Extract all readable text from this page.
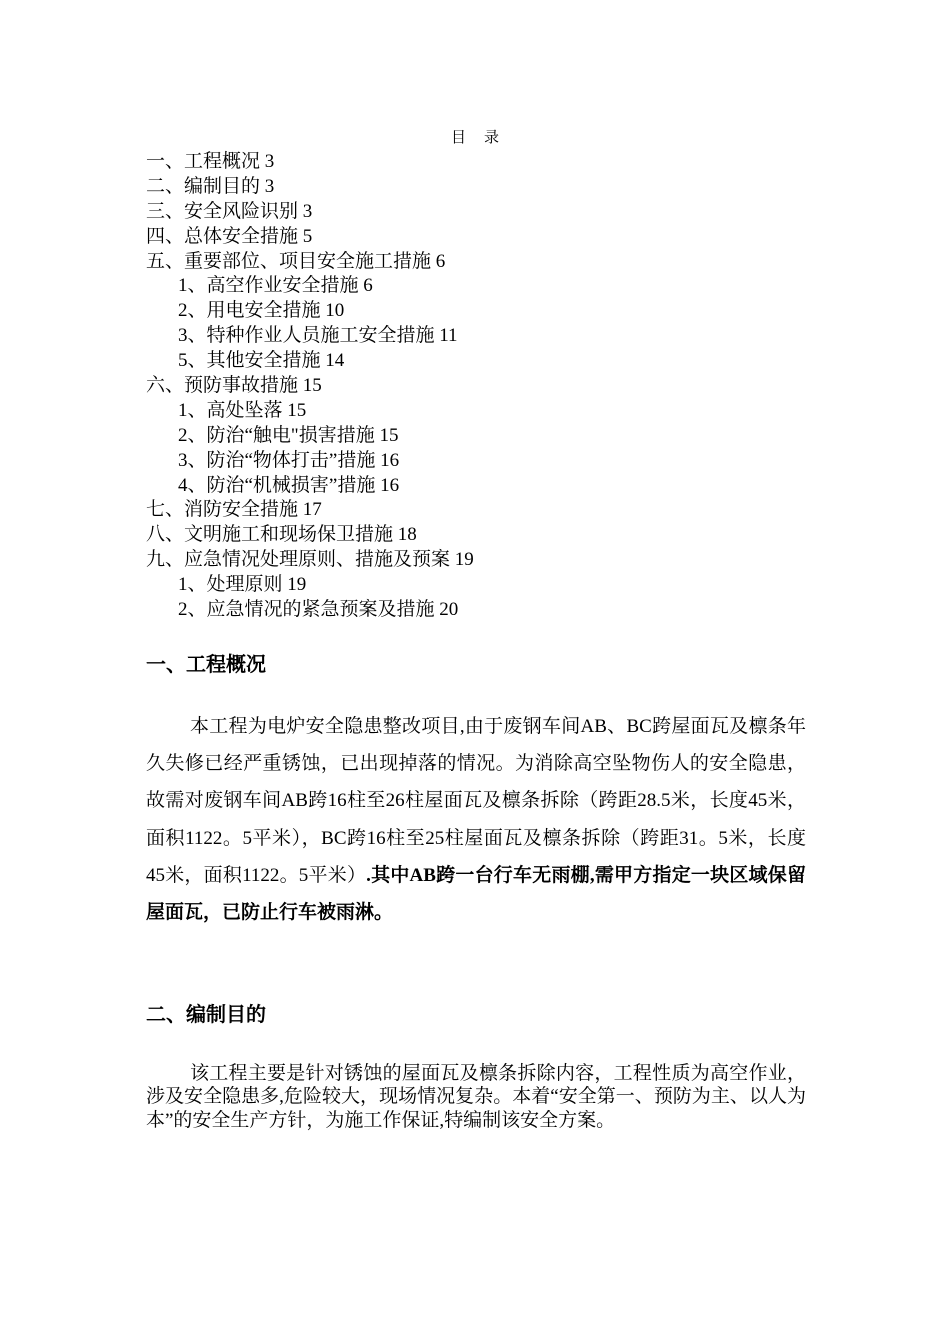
目录
一、工程概况 3
二、编制目的 3
三、安全风险识别 3
四、总体安全措施 5
五、重要部位、项目安全施工措施 6
1、高空作业安全措施 6
2、用电安全措施 10
3、特种作业人员施工安全措施 11
5、其他安全措施 14
六、预防事故措施 15
1、高处坠落 15
2、防治“触电"损害措施 15
3、防治“物体打击”措施 16
4、防治“机械损害”措施 16
七、消防安全措施 17
八、文明施工和现场保卫措施 18
九、应急情况处理原则、措施及预案 19
1、处理原则 19
2、应急情况的紧急预案及措施 20
一、工程概况

本工程为电炉安全隐患整改项目,由于废钢车间AB、BC跨屋面瓦及檩条年久失修已经严重锈蚀，已出现掉落的情况。为消除高空坠物伤人的安全隐患，故需对废钢车间AB跨16柱至26柱屋面瓦及檩条拆除（跨距28.5米，长度45米，面积1122。5平米），BC跨16柱至25柱屋面瓦及檩条拆除（跨距31。5米，长度45米，面积1122。5平米）.其中AB跨一台行车无雨棚,需甲方指定一块区域保留屋面瓦，已防止行车被雨淋。

二、编制目的

该工程主要是针对锈蚀的屋面瓦及檩条拆除内容，工程性质为高空作业，涉及安全隐患多,危险较大，现场情况复杂。本着“安全第一、预防为主、以人为本”的安全生产方针，为施工作保证,特编制该安全方案。
